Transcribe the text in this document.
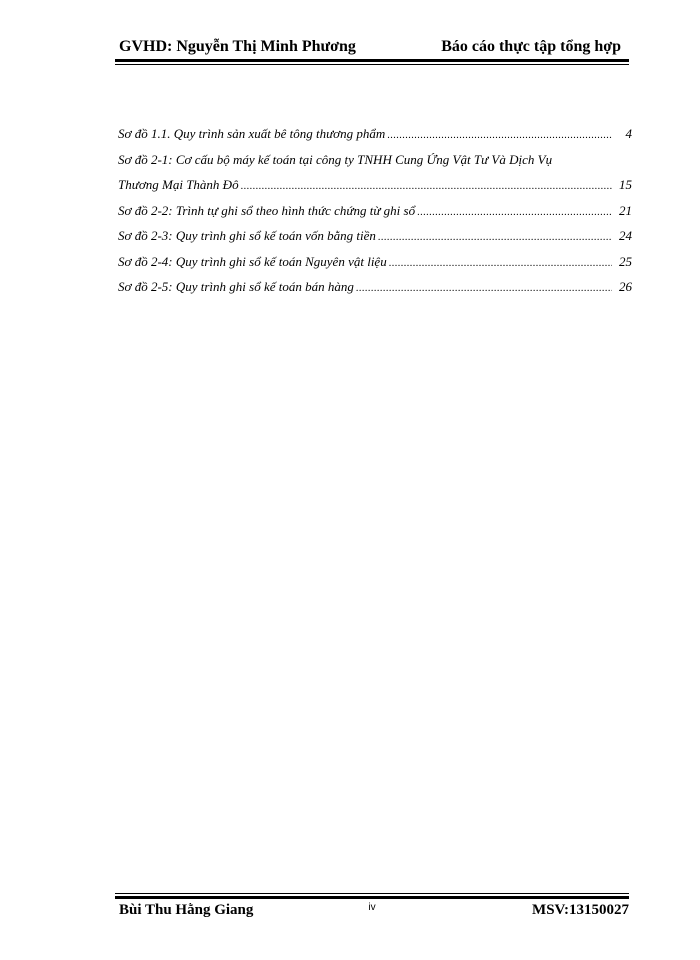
GVHD: Nguyễn Thị Minh Phương	Báo cáo thực tập tổng hợp
Sơ đồ 1.1. Quy trình sản xuất bê tông thương phẩm .....	4
Sơ đồ 2-1: Cơ cấu bộ máy kế toán tại công ty TNHH Cung Ứng Vật Tư Và Dịch Vụ
Thương Mại Thành Đô .....	15
Sơ đồ 2-2: Trình tự ghi sổ theo hình thức chứng từ ghi sổ .....	21
Sơ đồ 2-3: Quy trình ghi sổ kế toán vốn bằng tiền .....	24
Sơ đồ 2-4: Quy trình ghi sổ kế toán Nguyên vật liệu .....	25
Sơ đồ 2-5: Quy trình ghi sổ kế toán bán hàng .....	26
Bùi Thu Hằng Giang	iv	MSV:13150027
